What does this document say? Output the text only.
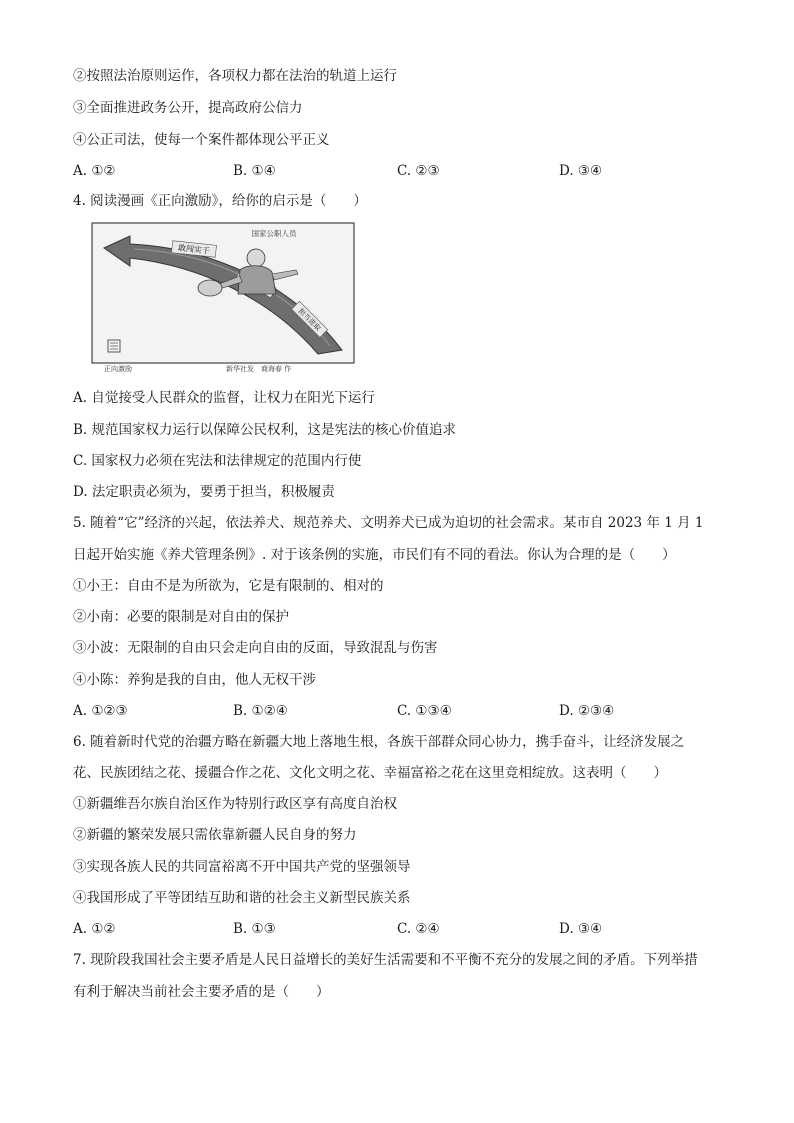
②按照法治原则运作，各项权力都在法治的轨道上运行
③全面推进政务公开，提高政府公信力
④公正司法，使每一个案件都体现公平正义
A. ①②	B. ①④	C. ②③	D. ③④
4. 阅读漫画《正向激励》，给你的启示是（　　）
敢闯实干
担当进取
国家公职人员
正向激励	新华社发　商海春 作
A. 自觉接受人民群众的监督，让权力在阳光下运行
B. 规范国家权力运行以保障公民权利，这是宪法的核心价值追求
C. 国家权力必须在宪法和法律规定的范围内行使
D. 法定职责必须为，要勇于担当，积极履责
5. 随着“它”经济的兴起，依法养犬、规范养犬、文明养犬已成为迫切的社会需求。某市自 2023 年 1 月 1
日起开始实施《养犬管理条例》. 对于该条例的实施，市民们有不同的看法。你认为合理的是（　　）
①小王：自由不是为所欲为，它是有限制的、相对的
②小南：必要的限制是对自由的保护
③小波：无限制的自由只会走向自由的反面，导致混乱与伤害
④小陈：养狗是我的自由，他人无权干涉
A. ①②③	B. ①②④	C. ①③④	D. ②③④
6. 随着新时代党的治疆方略在新疆大地上落地生根，各族干部群众同心协力，携手奋斗，让经济发展之
花、民族团结之花、援疆合作之花、文化文明之花、幸福富裕之花在这里竞相绽放。这表明（　　）
①新疆维吾尔族自治区作为特别行政区享有高度自治权
②新疆的繁荣发展只需依靠新疆人民自身的努力
③实现各族人民的共同富裕离不开中国共产党的坚强领导
④我国形成了平等团结互助和谐的社会主义新型民族关系
A. ①②	B. ①③	C. ②④	D. ③④
7. 现阶段我国社会主要矛盾是人民日益增长的美好生活需要和不平衡不充分的发展之间的矛盾。下列举措
有利于解决当前社会主要矛盾的是（　　）
